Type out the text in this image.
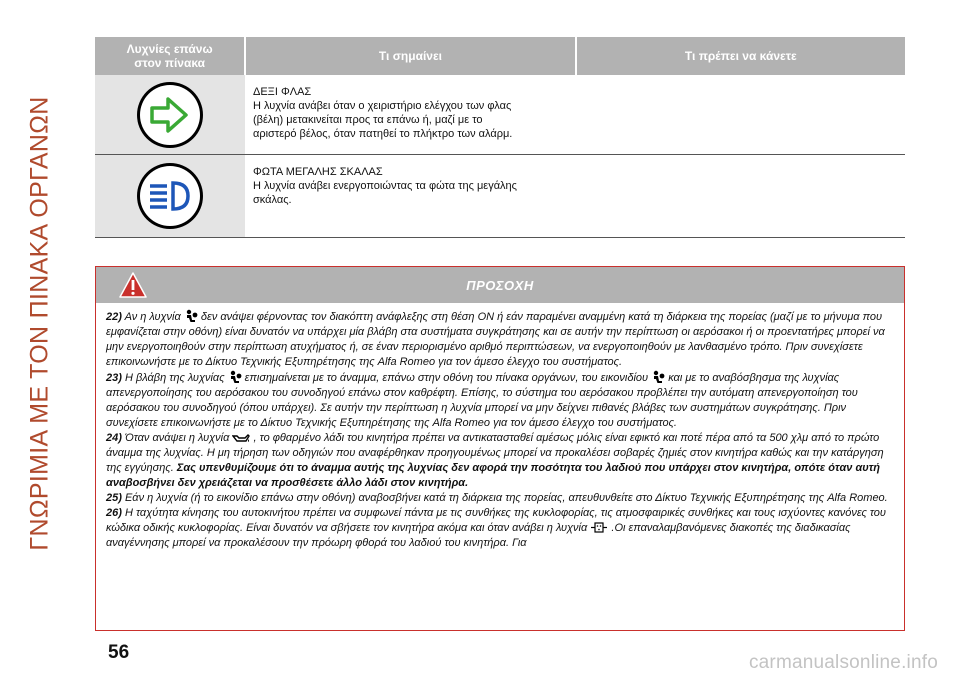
ΓΝΩΡΙΜΙΑ ΜΕ ΤΟΝ ΠΙΝΑΚΑ ΟΡΓΑΝΩΝ
Λυχνίες επάνω
στον πίνακα	Τι σημαίνει	Τι πρέπει να κάνετε
ΔΕΞΙ ΦΛΑΣ
Η λυχνία ανάβει όταν ο χειριστήριο ελέγχου των φλας
(βέλη) μετακινείται προς τα επάνω ή, μαζί με το
αριστερό βέλος, όταν πατηθεί το πλήκτρο των αλάρμ.
ΦΩΤΑ ΜΕΓΑΛΗΣ ΣΚΑΛΑΣ
Η λυχνία ανάβει ενεργοποιώντας τα φώτα της μεγάλης
σκάλας.
ΠΡΟΣΟΧΗ

22) Αν η λυχνία δεν ανάψει φέρνοντας τον διακόπτη ανάφλεξης στη θέση ON ή εάν παραμένει αναμμένη κατά τη διάρκεια της πορείας (μαζί με το μήνυμα που εμφανίζεται στην οθόνη) είναι δυνατόν να υπάρχει μία βλάβη στα συστήματα συγκράτησης και σε αυτήν την περίπτωση οι αερόσακοι ή οι προεντατήρες μπορεί να μην ενεργοποιηθούν στην περίπτωση ατυχήματος ή, σε έναν περιορισμένο αριθμό περιπτώσεων, να ενεργοποιηθούν με λανθασμένο τρόπο. Πριν συνεχίσετε επικοινωνήστε με το Δίκτυο Τεχνικής Εξυπηρέτησης της Alfa Romeo για τον άμεσο έλεγχο του συστήματος.

23) Η βλάβη της λυχνίας επισημαίνεται με το άναμμα, επάνω στην οθόνη του πίνακα οργάνων, του εικονιδίου και με το αναβόσβησμα της λυχνίας απενεργοποίησης του αερόσακου του συνοδηγού επάνω στον καθρέφτη. Επίσης, το σύστημα του αερόσακου προβλέπει την αυτόματη απενεργοποίηση του αερόσακου του συνοδηγού (όπου υπάρχει). Σε αυτήν την περίπτωση η λυχνία μπορεί να μην δείχνει πιθανές βλάβες των συστημάτων συγκράτησης. Πριν συνεχίσετε επικοινωνήστε με το Δίκτυο Τεχνικής Εξυπηρέτησης της Alfa Romeo για τον άμεσο έλεγχο του συστήματος.

24) Όταν ανάψει η λυχνία , το φθαρμένο λάδι του κινητήρα πρέπει να αντικατασταθεί αμέσως μόλις είναι εφικτό και ποτέ πέρα από τα 500 χλμ από το πρώτο άναμμα της λυχνίας. Η μη τήρηση των οδηγιών που αναφέρθηκαν προηγουμένως μπορεί να προκαλέσει σοβαρές ζημιές στον κινητήρα καθώς και την κατάργηση της εγγύησης. Σας υπενθυμίζουμε ότι το άναμμα αυτής της λυχνίας δεν αφορά την ποσότητα του λαδιού που υπάρχει στον κινητήρα, οπότε όταν αυτή αναβοσβήνει δεν χρειάζεται να προσθέσετε άλλο λάδι στον κινητήρα.

25) Εάν η λυχνία (ή το εικονίδιο επάνω στην οθόνη) αναβοσβήνει κατά τη διάρκεια της πορείας, απευθυνθείτε στο Δίκτυο Τεχνικής Εξυπηρέτησης της Alfa Romeo.

26) Η ταχύτητα κίνησης του αυτοκινήτου πρέπει να συμφωνεί πάντα με τις συνθήκες της κυκλοφορίας, τις ατμοσφαιρικές συνθήκες και τους ισχύοντες κανόνες του κώδικα οδικής κυκλοφορίας. Είναι δυνατόν να σβήσετε τον κινητήρα ακόμα και όταν ανάβει η λυχνία .Οι επαναλαμβανόμενες διακοπές της διαδικασίας αναγέννησης μπορεί να προκαλέσουν την πρόωρη φθορά του λαδιού του κινητήρα. Για

56	carmanualsonline.info
